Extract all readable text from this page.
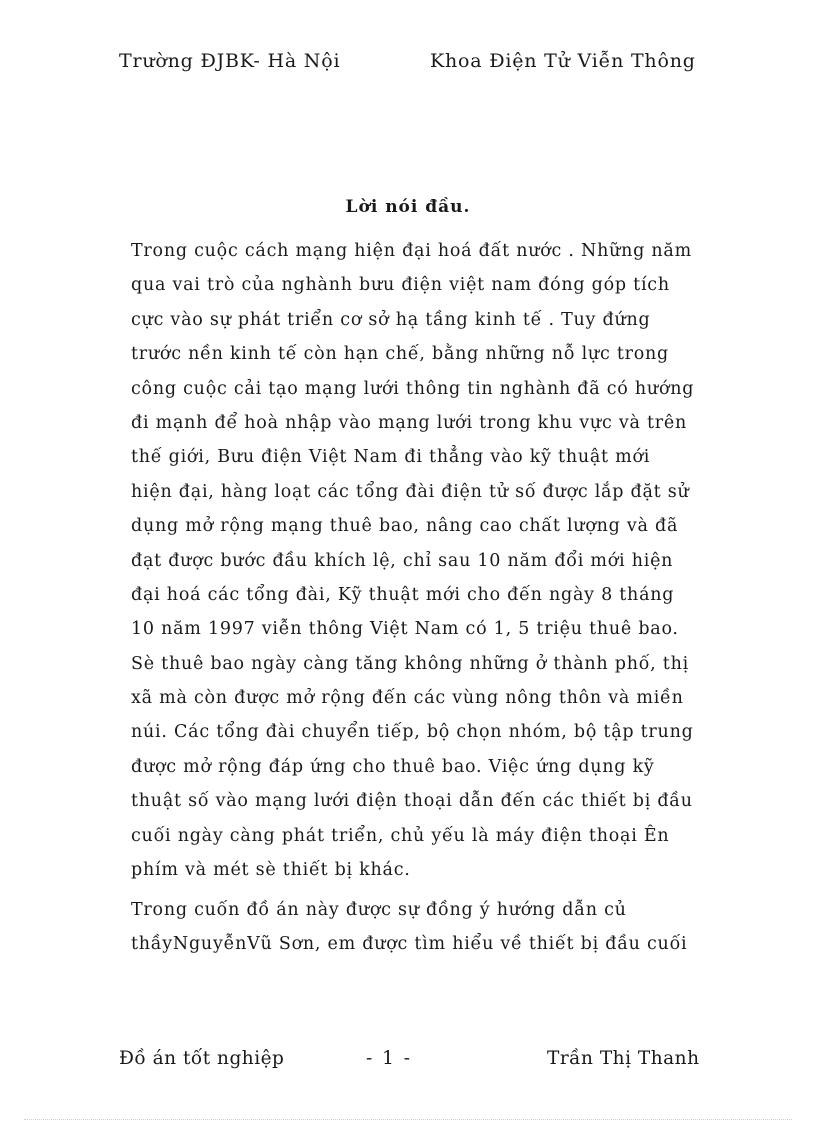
Trường ĐJBK- Hà Nội	Khoa Điện Tử Viễn Thông
Lời nói đầu.
Trong cuộc cách mạng hiện đại hoá đất nước . Những năm
qua vai trò của nghành bưu điện việt nam đóng góp tích
cực vào sự phát triển cơ sở hạ tầng kinh tế . Tuy đứng
trước nền kinh tế còn hạn chế, bằng những nỗ lực trong
công cuộc cải tạo mạng lưới thông tin nghành đã có hướng
đi mạnh để hoà nhập vào mạng lưới trong khu vực và trên
thế giới, Bưu điện Việt Nam đi thẳng vào kỹ thuật mới
hiện đại, hàng loạt các tổng đài điện tử số được lắp đặt sử
dụng mở rộng mạng thuê bao, nâng cao chất lượng và đã
đạt được bước đầu khích lệ, chỉ sau 10 năm đổi mới hiện
đại hoá các tổng đài, Kỹ thuật mới cho đến ngày 8 tháng
10 năm 1997 viễn thông Việt Nam có 1, 5 triệu thuê bao.
Sè thuê bao ngày càng tăng không những ở thành phố, thị
xã mà còn được mở rộng đến các vùng nông thôn và miền
núi. Các tổng đài chuyển tiếp, bộ chọn nhóm, bộ tập trung
được mở rộng đáp ứng cho thuê bao. Việc ứng dụng kỹ
thuật số vào mạng lưới điện thoại dẫn đến các thiết bị đầu
cuối ngày càng phát triển, chủ yếu là máy điện thoại Ên
phím và mét sè thiết bị khác.
Trong cuốn đồ án này được sự đồng ý hướng dẫn củ
thầyNguyễnVũ Sơn, em được tìm hiểu về thiết bị đầu cuối
Đồ án tốt nghiệp	- 1 -	Trần Thị Thanh
